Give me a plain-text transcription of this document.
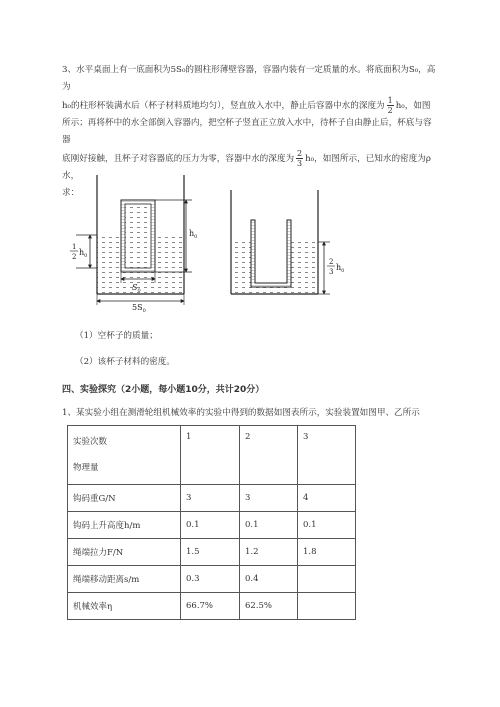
3、水平桌面上有一底面积为5S₀的圆柱形薄壁容器，容器内装有一定质量的水。将底面积为S₀，高为
h₀的柱形杯装满水后（杯子材料质地均匀），竖直放入水中，静止后容器中水的深度为 $\frac{1}{2} h_0$，如图
所示；再将杯中的水全部倒入容器内，把空杯子竖直正立放入水中，待杯子自由静止后，杯底与容器
底刚好接触，且杯子对容器底的压力为零，容器中水的深度为 $\frac{2}{3} h_0$，如图所示，已知水的密度为ρ水，
求：
$h_0$
1
2 $h_0$
$S_0$
$5S_0$
2
3 $h_0$
（1）空杯子的质量；
（2）该杯子材料的密度。
四、实验探究（2小题，每小题10分，共计20分）
1、某实验小组在测滑轮组机械效率的实验中得到的数据如图表所示，实验装置如图甲、乙所示
实验次数
物理量	1	2	3
钩码重G/N	3	3	4
钩码上升高度h/m	0.1	0.1	0.1
绳端拉力F/N	1.5	1.2	1.8
绳端移动距离s/m	0.3	0.4	
机械效率η	66.7%	62.5%	
